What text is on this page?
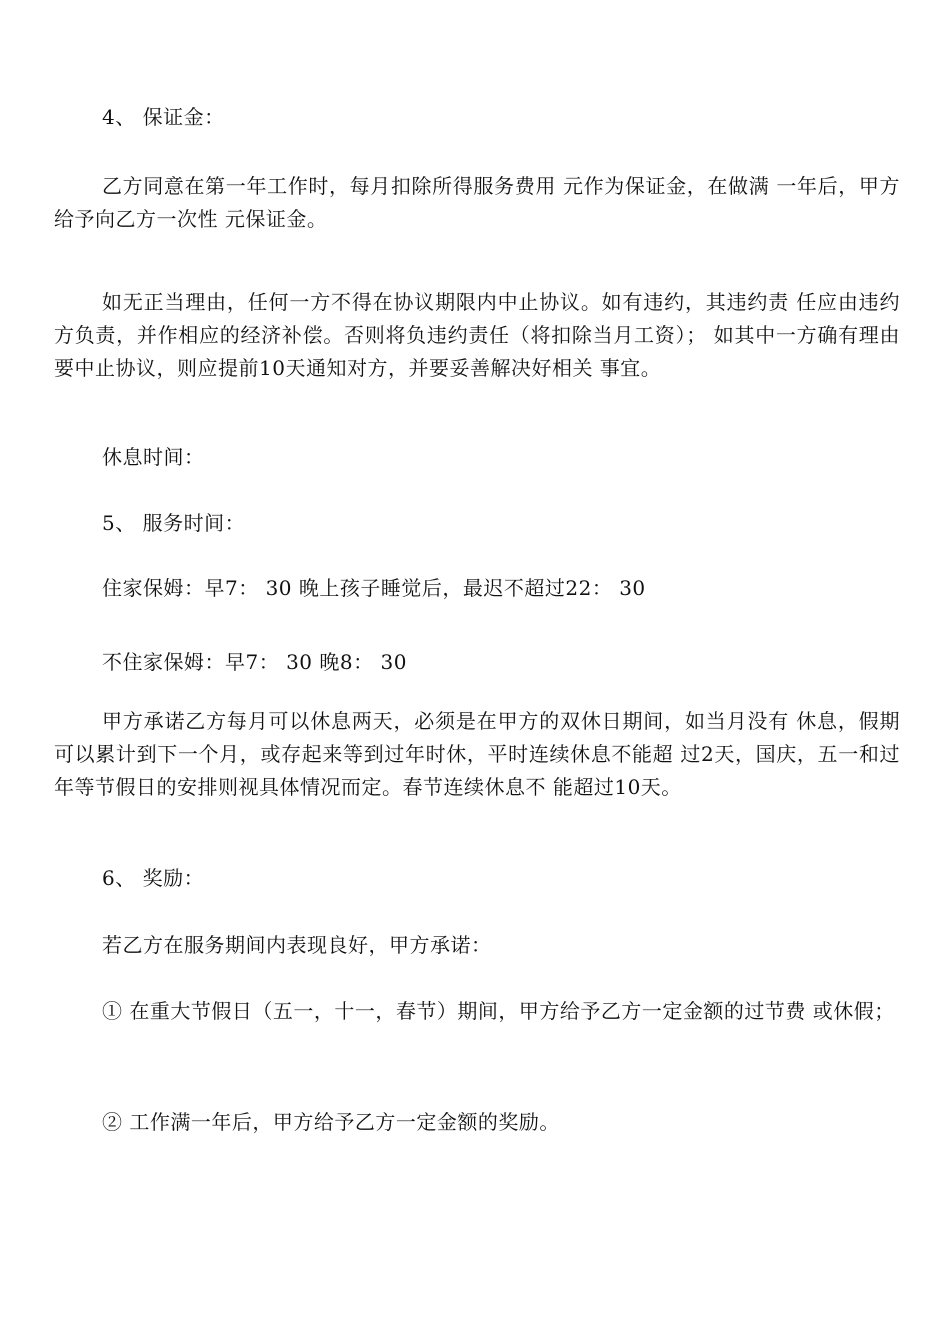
4、 保证金：

乙方同意在第一年工作时，每月扣除所得服务费用 元作为保证金，在做满 一年后，甲方给予向乙方一次性 元保证金。

如无正当理由，任何一方不得在协议期限内中止协议。如有违约，其违约责 任应由违约方负责，并作相应的经济补偿。否则将负违约责任（将扣除当月工资）； 如其中一方确有理由要中止协议，则应提前10天通知对方，并要妥善解决好相关 事宜。

休息时间：

5、 服务时间：

住家保姆：早7： 30 晚上孩子睡觉后，最迟不超过22： 30

不住家保姆：早7： 30 晚8： 30

甲方承诺乙方每月可以休息两天，必须是在甲方的双休日期间，如当月没有 休息，假期可以累计到下一个月，或存起来等到过年时休，平时连续休息不能超 过2天，国庆，五一和过年等节假日的安排则视具体情况而定。春节连续休息不 能超过10天。

6、 奖励：

若乙方在服务期间内表现良好，甲方承诺：

① 在重大节假日（五一，十一，春节）期间，甲方给予乙方一定金额的过节费 或休假；

② 工作满一年后，甲方给予乙方一定金额的奖励。
